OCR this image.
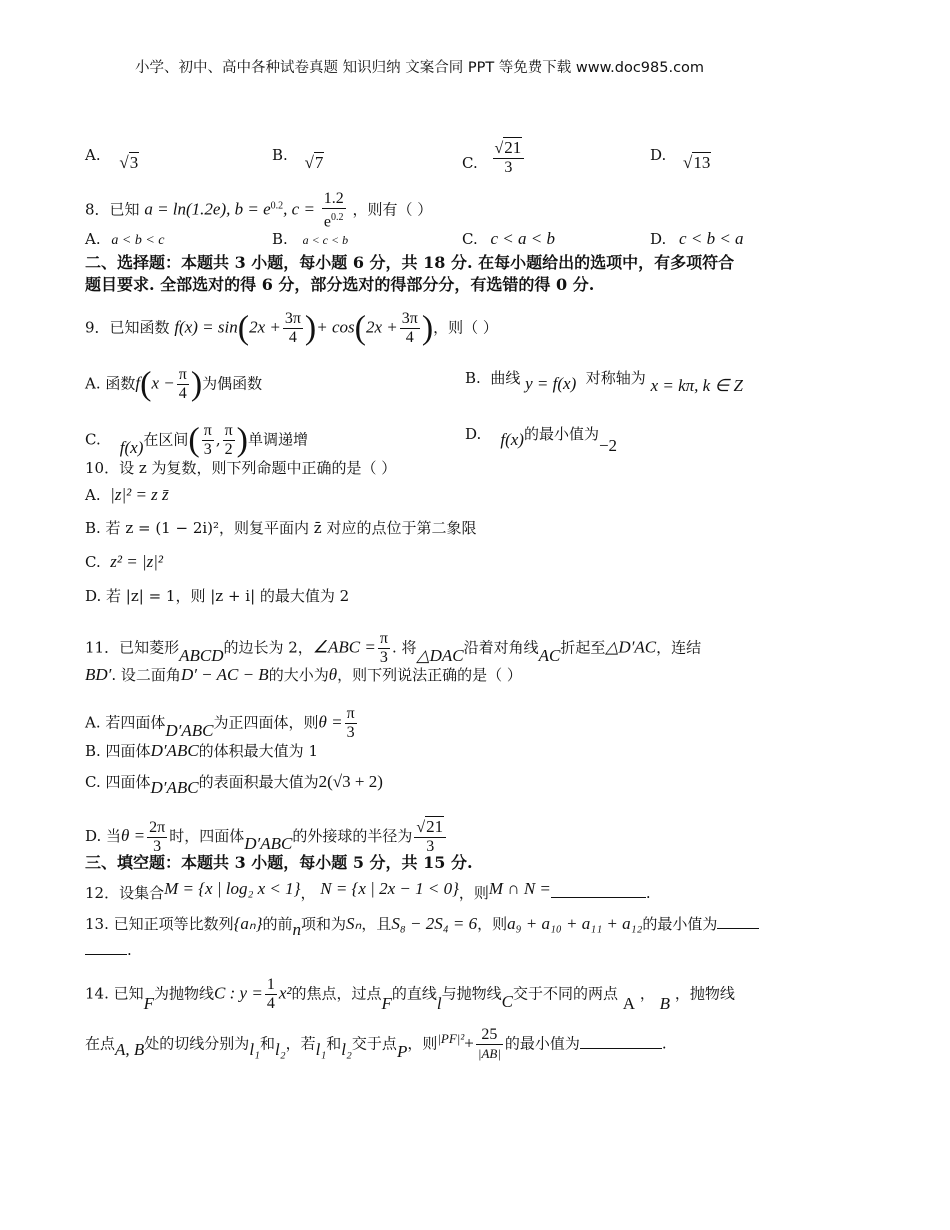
小学、初中、高中各种试卷真题 知识归纳 文案合同 PPT 等免费下载 www.doc985.com
A. √3	B. √7	C. $\frac{√21}{3}$	D. √13
8．已知 a = ln(1.2e), $b = e^{0.2}$, $c = \frac{1.2}{e^{0.2}}$ ，则有（ ）
A. a < b < c	B. a < c < b	C. c < a < b	D. c < b < a
二、选择题：本题共 3 小题，每小题 6 分，共 18 分. 在每小题给出的选项中，有多项符合
题目要求. 全部选对的得 6 分，部分选对的得部分分，有选错的得 0 分.
9．已知函数 $f(x) = \sin(2x + \frac{3\pi}{4}$ )+ $\cos(2x + \frac{3\pi}{4}$ )，则（ ）
A. 函数$f(x - \frac{\pi}{4}$ )为偶函数	B. 曲线 y = f(x) 对称轴为 x = kπ, k ∈ Z
C. f(x)在区间( $\frac{\pi}{3}$ , $\frac{\pi}{2}$ )单调递增	D. f(x)的最小值为−2
10．设 z 为复数，则下列命题中正确的是（ ）
A. |z|² = z z̄
B. 若 z = (1 − 2i)²，则复平面内 z̄ 对应的点位于第二象限
C. z² = |z|²
D. 若 |z| = 1，则 |z + i| 的最大值为 2
11．已知菱形ABCD的边长为 2，∠ABC = $\frac{\pi}{3}$ . 将△DAC沿着对角线AC折起至△D′AC，连结
BD′. 设二面角D′ − AC − B的大小为θ，则下列说法正确的是（ ）
A. 若四面体D′ABC为正四面体，则$\theta = \frac{\pi}{3}$
B. 四面体D′ABC的体积最大值为 1
C. 四面体D′ABC的表面积最大值为2(√3 + 2)
D. 当$\theta = \frac{2\pi}{3}$ 时，四面体D′ABC的外接球的半径为 $\frac{√21}{3}$
三、填空题：本题共 3 小题，每小题 5 分，共 15 分.
12．设集合M = {x | log₂ x < 1}， N = {x | 2x − 1 < 0}，则M ∩ N =	.
13. 已知正项等比数列{aₙ}的前n项和为Sₙ，且S₈ − 2S₄ = 6，则a₉ + a₁₀ + a₁₁ + a₁₂的最小值为
.
14. 已知F为抛物线C : $y = \frac{1}{4} x^2$的焦点，过点F的直线l与抛物线C交于不同的两点 A ， B ，抛物线
在点A, B处的切线分别为l₁和l₂，若l₁和l₂交于点P，则$|PF|^2+ \frac{25}{|AB|}$ 的最小值为	.
